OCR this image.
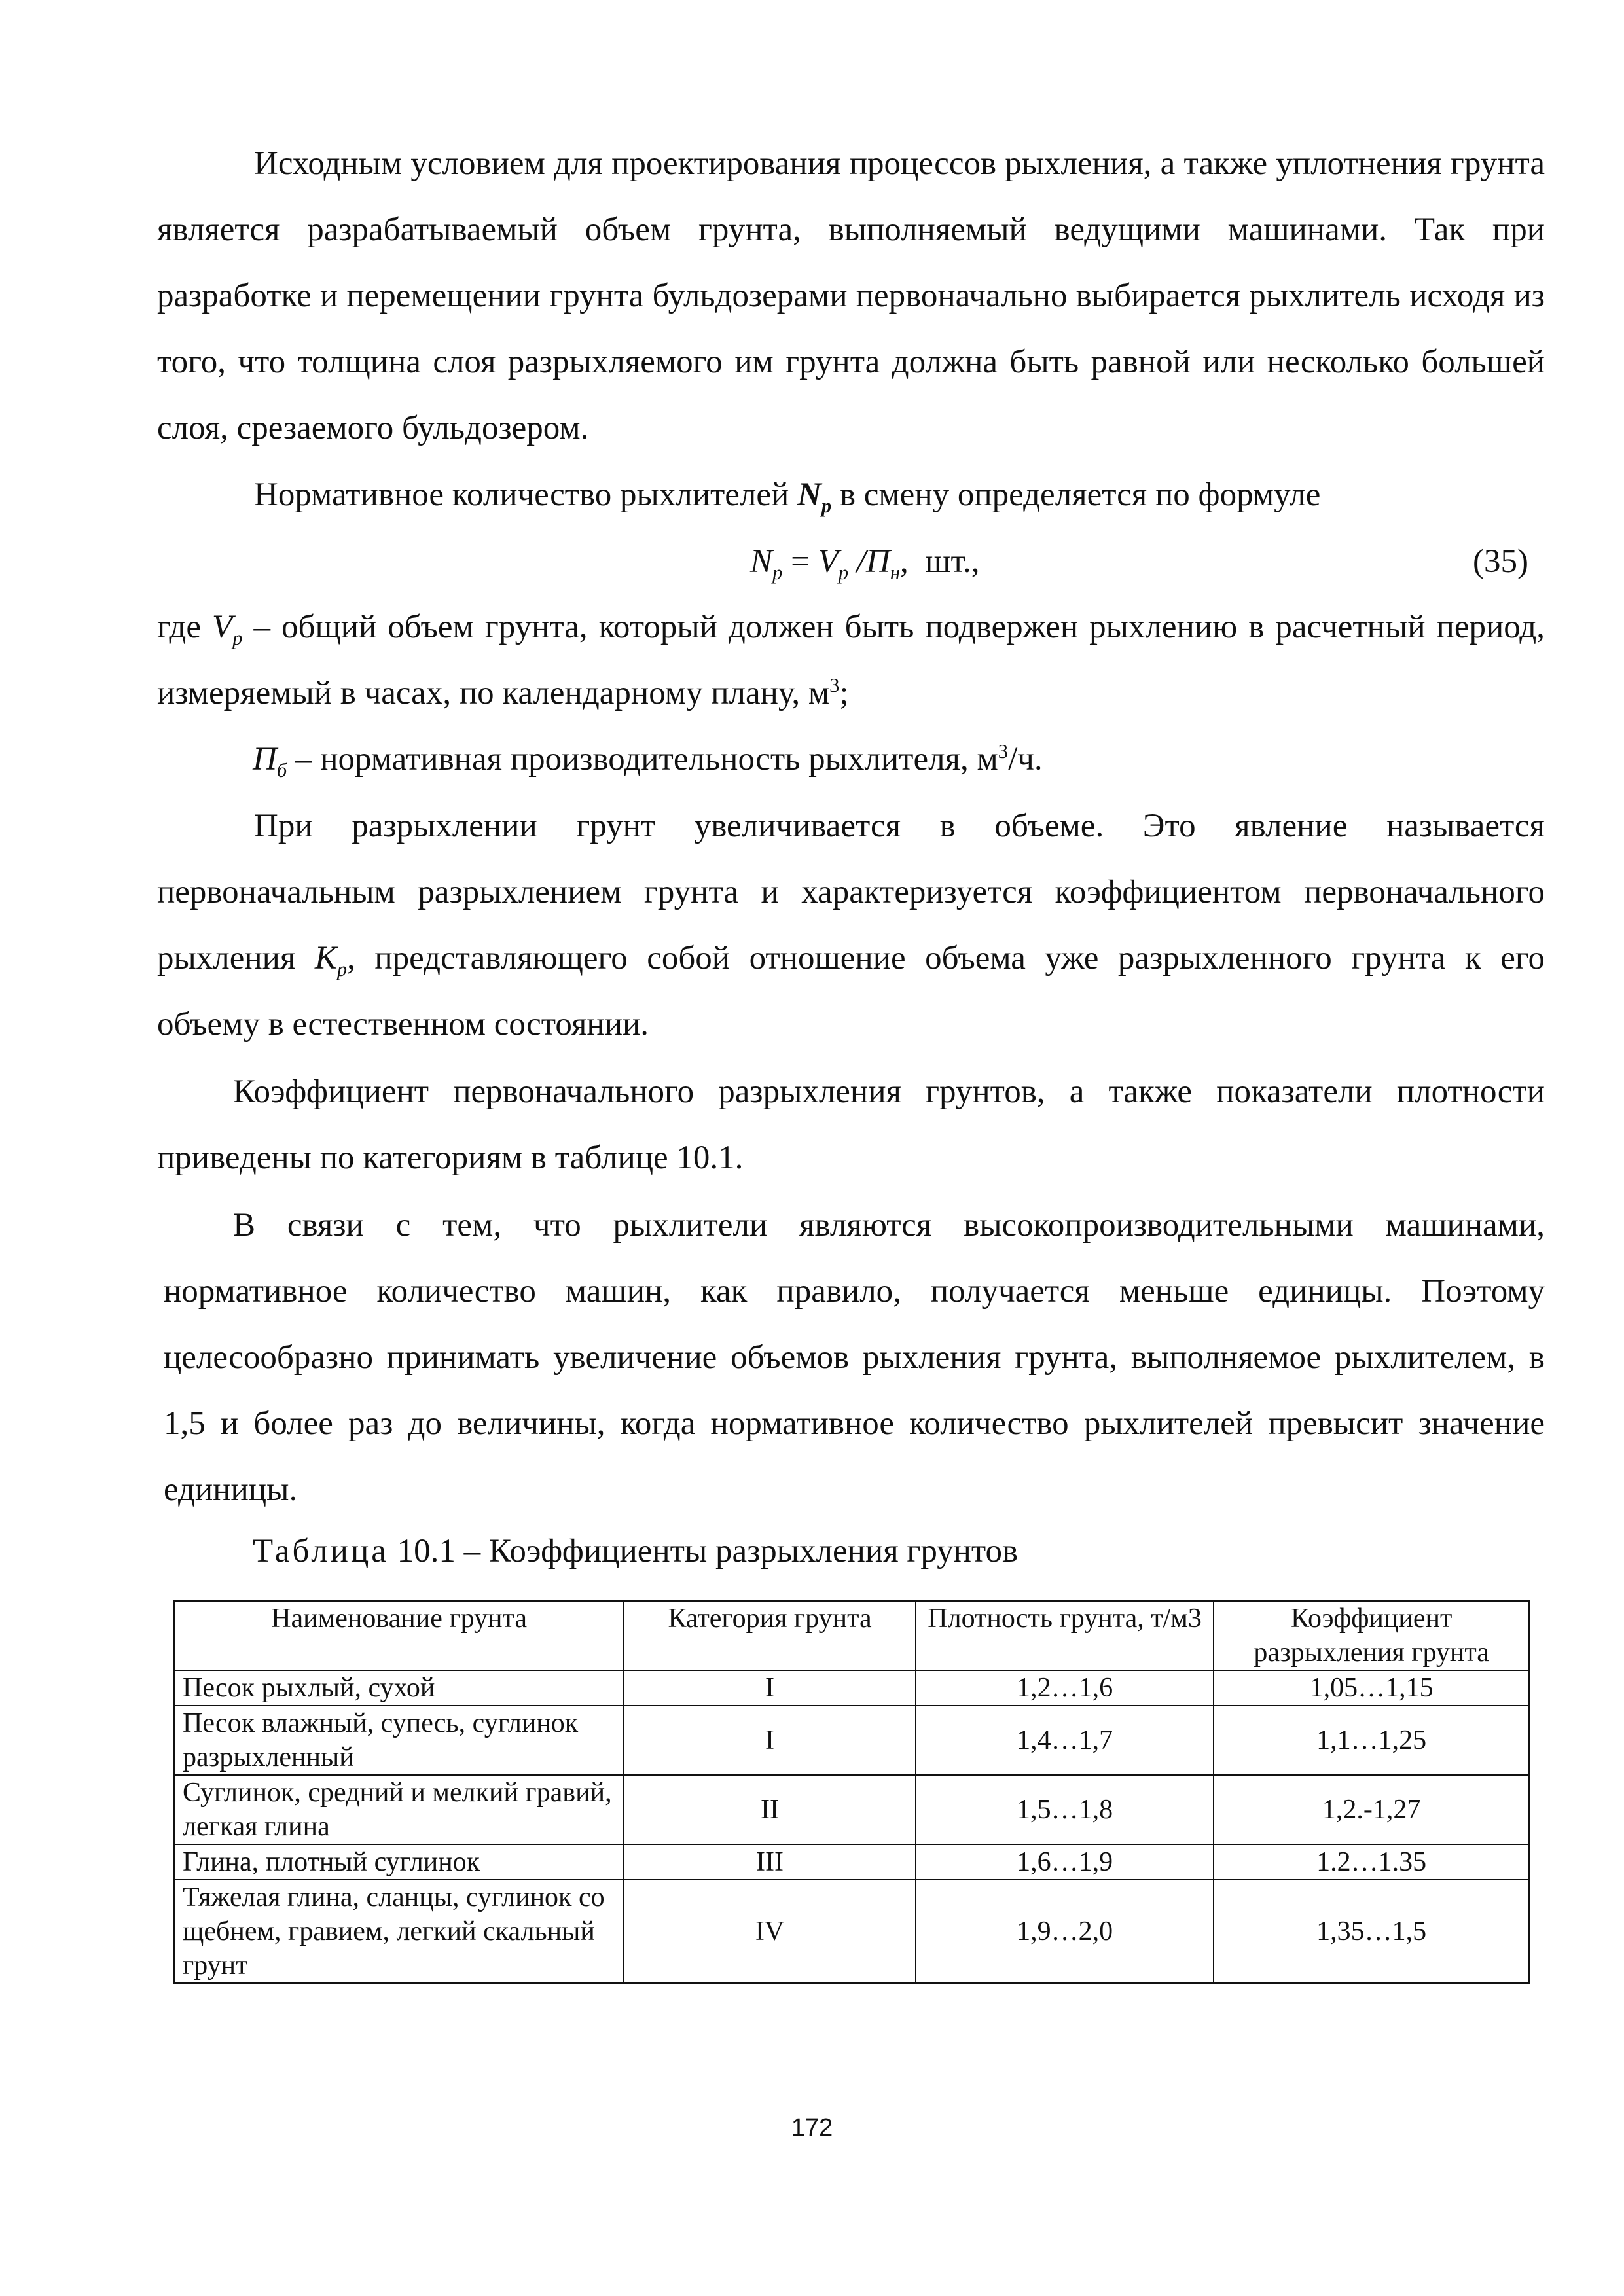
Исходным условием для проектирования процессов рыхления, а также уплотнения грунта является разрабатываемый объем грунта, выполняемый ведущими машинами. Так при разработке и перемещении грунта бульдозерами первоначально выбирается рыхлитель исходя из того, что толщина слоя разрыхляемого им грунта должна быть равной или несколько большей слоя, срезаемого бульдозером.

Нормативное количество рыхлителей $N_p$ в смену определяется по формуле

$N_p = V_p$ $/П_н$, шт.,	(35)

где $V_p$ – общий объем грунта, который должен быть подвержен рыхлению в расчетный период, измеряемый в часах, по календарному плану, $м^3$;

$П_б$ – нормативная производительность рыхлителя, $м^3/ч$.

При разрыхлении грунт увеличивается в объеме. Это явление называется первоначальным разрыхлением грунта и характеризуется коэффициентом первоначального рыхления $К_р$, представляющего собой отношение объема уже разрыхленного грунта к его объему в естественном состоянии.

Коэффициент первоначального разрыхления грунтов, а также показатели плотности приведены по категориям в таблице 10.1.

В связи с тем, что рыхлители являются высокопроизводительными машинами, нормативное количество машин, как правило, получается меньше единицы. Поэтому целесообразно принимать увеличение объемов рыхления грунта, выполняемое рыхлителем, в 1,5 и более раз до величины, когда нормативное количество рыхлителей превысит значение единицы.

Таблица 10.1 – Коэффициенты разрыхления грунтов
Наименование грунта	Категория грунта	Плотность грунта, т/м3	Коэффициент разрыхления грунта
Песок рыхлый, сухой	I	1,2…1,6	1,05…1,15
Песок влажный, супесь, суглинок разрыхленный	I	1,4…1,7	1,1…1,25
Суглинок, средний и мелкий гравий, легкая глина	II	1,5…1,8	1,2.-1,27
Глина, плотный суглинок	III	1,6…1,9	1.2…1.35
Тяжелая глина, сланцы, суглинок со щебнем, гравием, легкий скальный грунт	IV	1,9…2,0	1,35…1,5
172
